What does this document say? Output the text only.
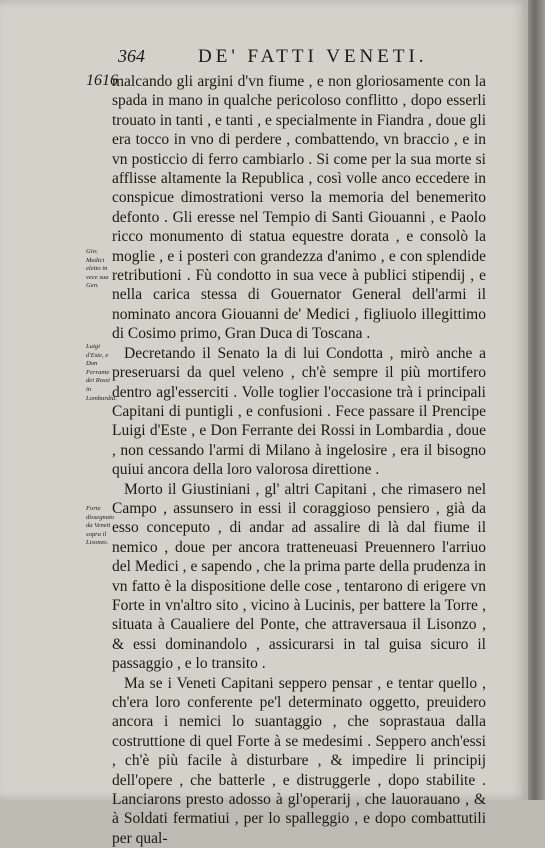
364	DE' FATTI VENETI.
1616
Gio: Medici eletto in vece sua Gen.
Luigi d'Este, e Don Ferrante dei Rossi in Lombardia.
Forte dissegnato da Veneti sopra il Lisonzo.

malcando gli argini d'vn fiume , e non gloriosamente con la spada in mano in qualche pericoloso conflitto , dopo esserli trouato in tanti , e tanti , e specialmente in Fiandra , doue gli era tocco in vno di perdere , combattendo, vn braccio , e in vn posticcio di ferro cambiarlo . Si come per la sua morte si afflisse altamente la Republica , così volle anco eccedere in conspicue dimostrationi verso la memoria del benemerito defonto . Gli eresse nel Tempio di Santi Giouanni , e Paolo ricco monumento di statua equestre dorata , e consolò la moglie , e i posteri con grandezza d'animo , e con splendide retributioni . Fù condotto in sua vece à publici stipendij , e nella carica stessa di Gouernator General dell'armi il nominato ancora Giouanni de' Medici , figliuolo illegittimo di Cosimo primo, Gran Duca di Toscana .

Decretando il Senato la di lui Condotta , mirò anche a preseruarsi da quel veleno , ch'è sempre il più mortifero dentro agl'esserciti . Volle toglier l'occasione trà i principali Capitani di puntigli , e confusioni . Fece passare il Prencipe Luigi d'Este , e Don Ferrante dei Rossi in Lombardia , doue , non cessando l'armi di Milano à ingelosire , era il bisogno quiui ancora della loro valorosa direttione .

Morto il Giustiniani , gl' altri Capitani , che rimasero nel Campo , assunsero in essi il coraggioso pensiero , già da esso conceputo , di andar ad assalire di là dal fiume il nemico , doue per ancora tratteneuasi Preuennero l'arriuo del Medici , e sapendo , che la prima parte della prudenza in vn fatto è la dispositione delle cose , tentarono di erigere vn Forte in vn'altro sito , vicino à Lucinis, per battere la Torre , situata à Caualiere del Ponte, che attraversaua il Lisonzo , & essi dominandolo , assicurarsi in tal guisa sicuro il passaggio , e lo transito .

Ma se i Veneti Capitani seppero pensar , e tentar quello , ch'era loro conferente pe'l determinato oggetto, preuidero ancora i nemici lo suantaggio , che soprastaua dalla costruttione di quel Forte à se medesimi . Seppero anch'essi , ch'è più facile à disturbare , & impedire li principij dell'opere , che batterle , e distruggerle , dopo stabilite . Lanciarons presto adosso à gl'operarij , che lauorauano , & à Soldati fermatiui , per lo spalleggio , e dopo combattutili per qual-
